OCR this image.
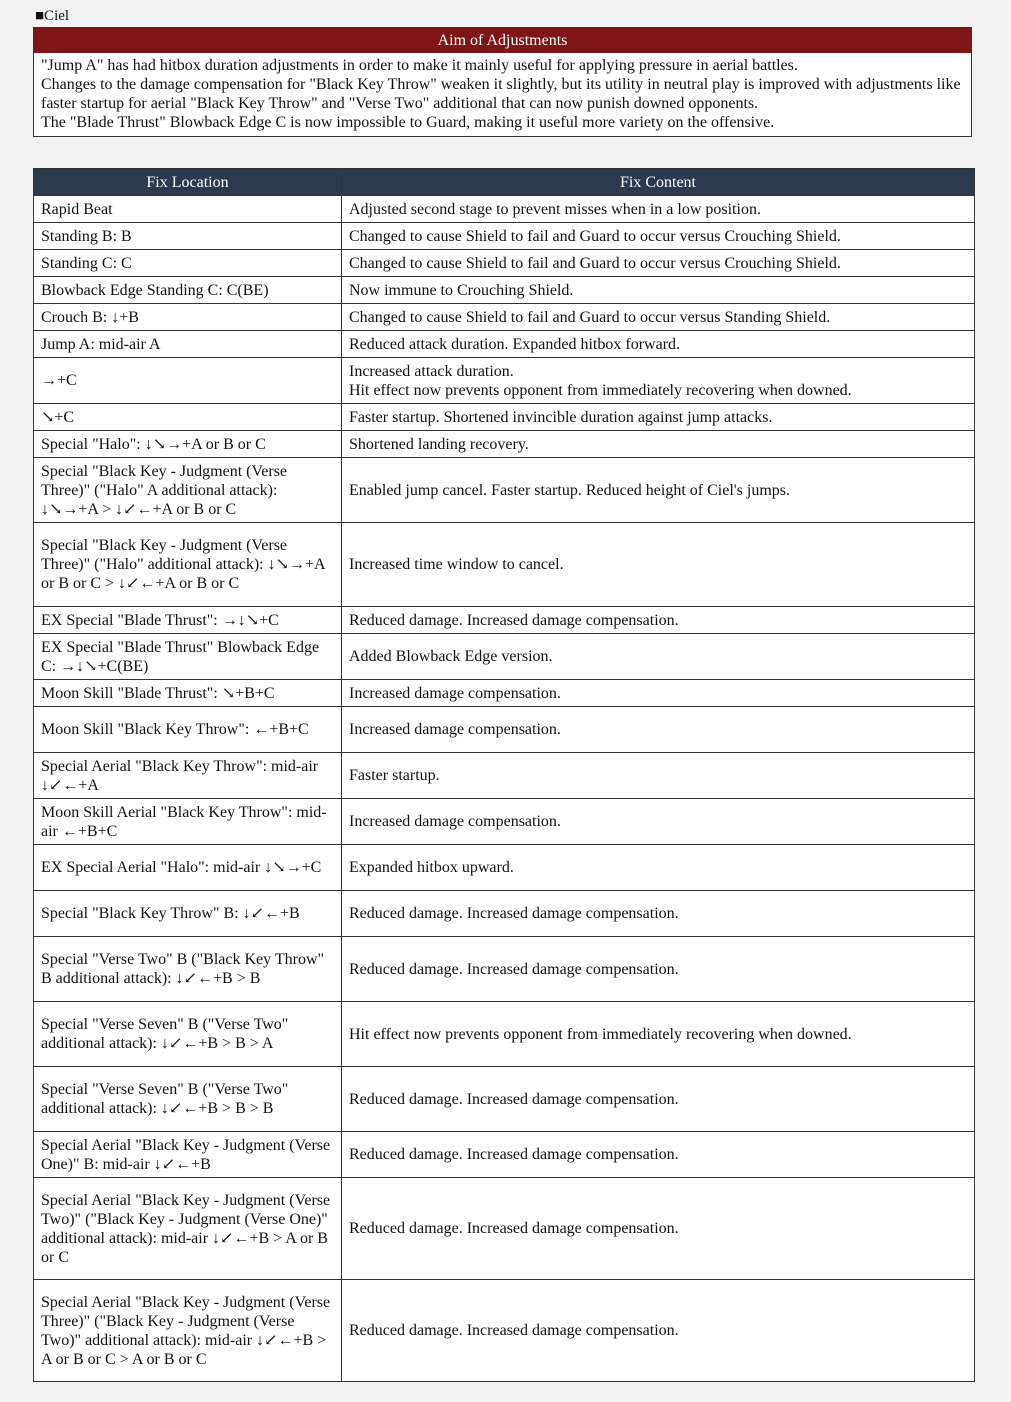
■Ciel
Aim of Adjustments

"Jump A" has had hitbox duration adjustments in order to make it mainly useful for applying pressure in aerial battles.

Changes to the damage compensation for "Black Key Throw" weaken it slightly, but its utility in neutral play is improved with adjustments like faster startup for aerial "Black Key Throw" and "Verse Two" additional that can now punish downed opponents.

The "Blade Thrust" Blowback Edge C is now impossible to Guard, making it useful more variety on the offensive.

Fix Location	Fix Content
Rapid Beat	Adjusted second stage to prevent misses when in a low position.
Standing B: B	Changed to cause Shield to fail and Guard to occur versus Crouching Shield.
Standing C: C	Changed to cause Shield to fail and Guard to occur versus Crouching Shield.
Blowback Edge Standing C: C(BE)	Now immune to Crouching Shield.
Crouch B: ↓+B	Changed to cause Shield to fail and Guard to occur versus Standing Shield.
Jump A: mid-air A	Reduced attack duration. Expanded hitbox forward.
→+C	Increased attack duration.
Hit effect now prevents opponent from immediately recovering when downed.
↘+C	Faster startup. Shortened invincible duration against jump attacks.
Special "Halo": ↓↘→+A or B or C	Shortened landing recovery.
Special "Black Key - Judgment (Verse Three)" ("Halo" A additional attack): ↓↘→+A > ↓↙←+A or B or C	Enabled jump cancel. Faster startup. Reduced height of Ciel's jumps.
Special "Black Key - Judgment (Verse Three)" ("Halo" additional attack): ↓↘→+A or B or C > ↓↙←+A or B or C	Increased time window to cancel.
EX Special "Blade Thrust": →↓↘+C	Reduced damage. Increased damage compensation.
EX Special "Blade Thrust" Blowback Edge C: →↓↘+C(BE)	Added Blowback Edge version.
Moon Skill "Blade Thrust": ↘+B+C	Increased damage compensation.
Moon Skill "Black Key Throw": ←+B+C	Increased damage compensation.
Special Aerial "Black Key Throw": mid-air ↓↙←+A	Faster startup.
Moon Skill Aerial "Black Key Throw": mid-air ←+B+C	Increased damage compensation.
EX Special Aerial "Halo": mid-air ↓↘→+C	Expanded hitbox upward.
Special "Black Key Throw" B: ↓↙←+B	Reduced damage. Increased damage compensation.
Special "Verse Two" B ("Black Key Throw" B additional attack): ↓↙←+B > B	Reduced damage. Increased damage compensation.
Special "Verse Seven" B ("Verse Two" additional attack): ↓↙←+B > B > A	Hit effect now prevents opponent from immediately recovering when downed.
Special "Verse Seven" B ("Verse Two" additional attack): ↓↙←+B > B > B	Reduced damage. Increased damage compensation.
Special Aerial "Black Key - Judgment (Verse One)" B: mid-air ↓↙←+B	Reduced damage. Increased damage compensation.
Special Aerial "Black Key - Judgment (Verse Two)" ("Black Key - Judgment (Verse One)" additional attack): mid-air ↓↙←+B > A or B or C	Reduced damage. Increased damage compensation.
Special Aerial "Black Key - Judgment (Verse Three)" ("Black Key - Judgment (Verse Two)" additional attack): mid-air ↓↙←+B > A or B or C > A or B or C	Reduced damage. Increased damage compensation.
